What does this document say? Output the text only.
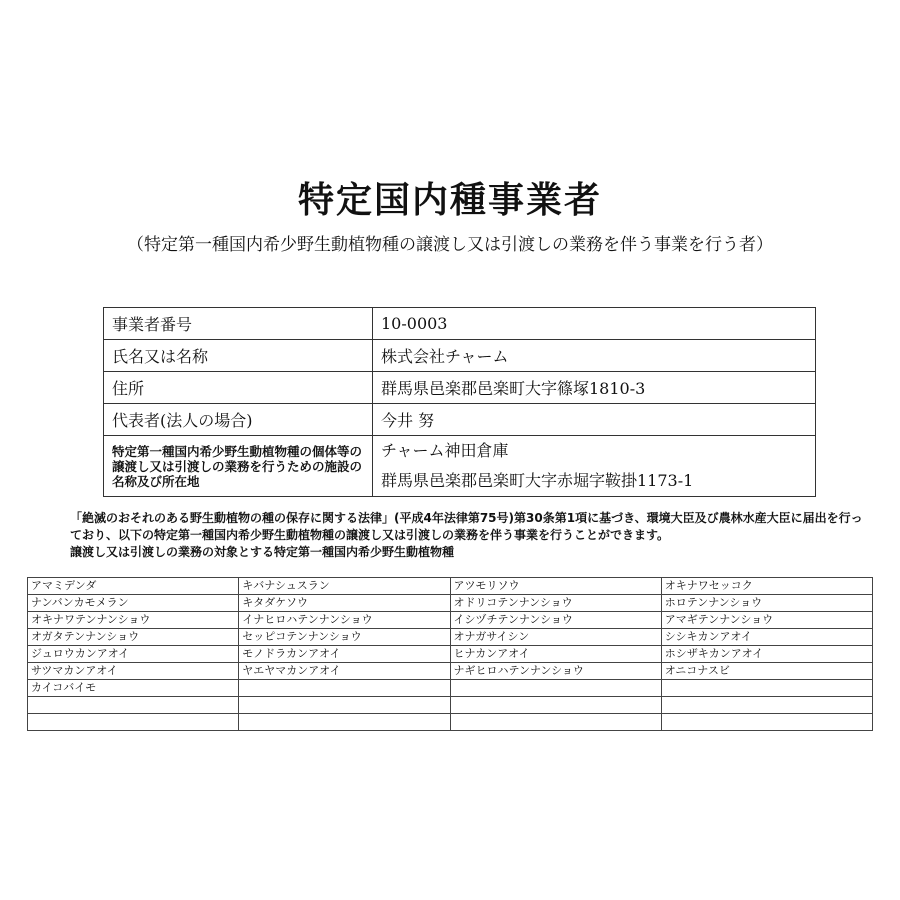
特定国内種事業者
（特定第一種国内希少野生動植物種の譲渡し又は引渡しの業務を伴う事業を行う者）
事業者番号	10-0003
氏名又は名称	株式会社チャーム
住所	群馬県邑楽郡邑楽町大字篠塚1810-3
代表者(法人の場合)	今井 努
特定第一種国内希少野生動植物種の個体等の譲渡し又は引渡しの業務を行うための施設の名称及び所在地	チャーム神田倉庫
群馬県邑楽郡邑楽町大字赤堀字鞍掛1173-1
「絶滅のおそれのある野生動植物の種の保存に関する法律」(平成4年法律第75号)第30条第1項に基づき、環境大臣及び農林水産大臣に届出を行っており、以下の特定第一種国内希少野生動植物種の譲渡し又は引渡しの業務を伴う事業を行うことができます。
譲渡し又は引渡しの業務の対象とする特定第一種国内希少野生動植物種
アマミデンダ	キバナシュスラン	アツモリソウ	オキナワセッコク
ナンバンカモメラン	キタダケソウ	オドリコテンナンショウ	ホロテンナンショウ
オキナワテンナンショウ	イナヒロハテンナンショウ	イシヅチテンナンショウ	アマギテンナンショウ
オガタテンナンショウ	セッピコテンナンショウ	オナガサイシン	シシキカンアオイ
ジュロウカンアオイ	モノドラカンアオイ	ヒナカンアオイ	ホシザキカンアオイ
サツマカンアオイ	ヤエヤマカンアオイ	ナギヒロハテンナンショウ	オニコナスビ
カイコバイモ			
